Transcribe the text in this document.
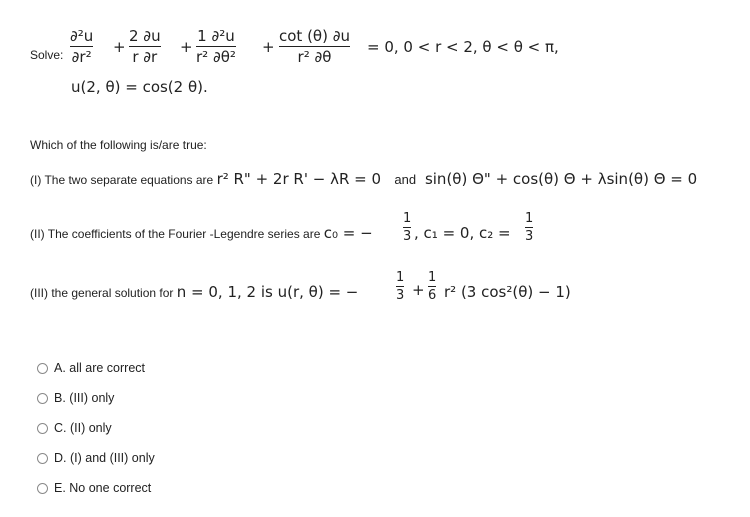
Solve: $\frac{\text{∂²u}}{\text{∂r²}} + \frac{2 \partial u}{r \partial r} + \frac{\text{1 ∂²u}}{\text{r² ∂θ²}} + \frac{\cot (\theta) \partial u}{\text{r² ∂θ}} = 0$, 0 < r < 2, θ < θ < π,
u(2, θ) = cos(2 θ).
Which of the following is/are true:
(I) The two separate equations are r² R" + 2r R' − λR = 0 and sin(θ) Θ" + cos(θ) Θ + λsin(θ) Θ = 0
(II) The coefficients of the Fourier -Legendre series are c₀ = − $\frac{1}{3}$ , c₁ = 0, $c_2 = \frac{1}{3}$
(III) the general solution for n = 0, 1, 2 is u(r, θ) = −	$\frac{1}{3} + \frac{1}{6} r^2$ (3 cos²(θ) − 1)
A. all are correct
B. (III) only
C. (II) only
D. (I) and (III) only
E. No one correct
